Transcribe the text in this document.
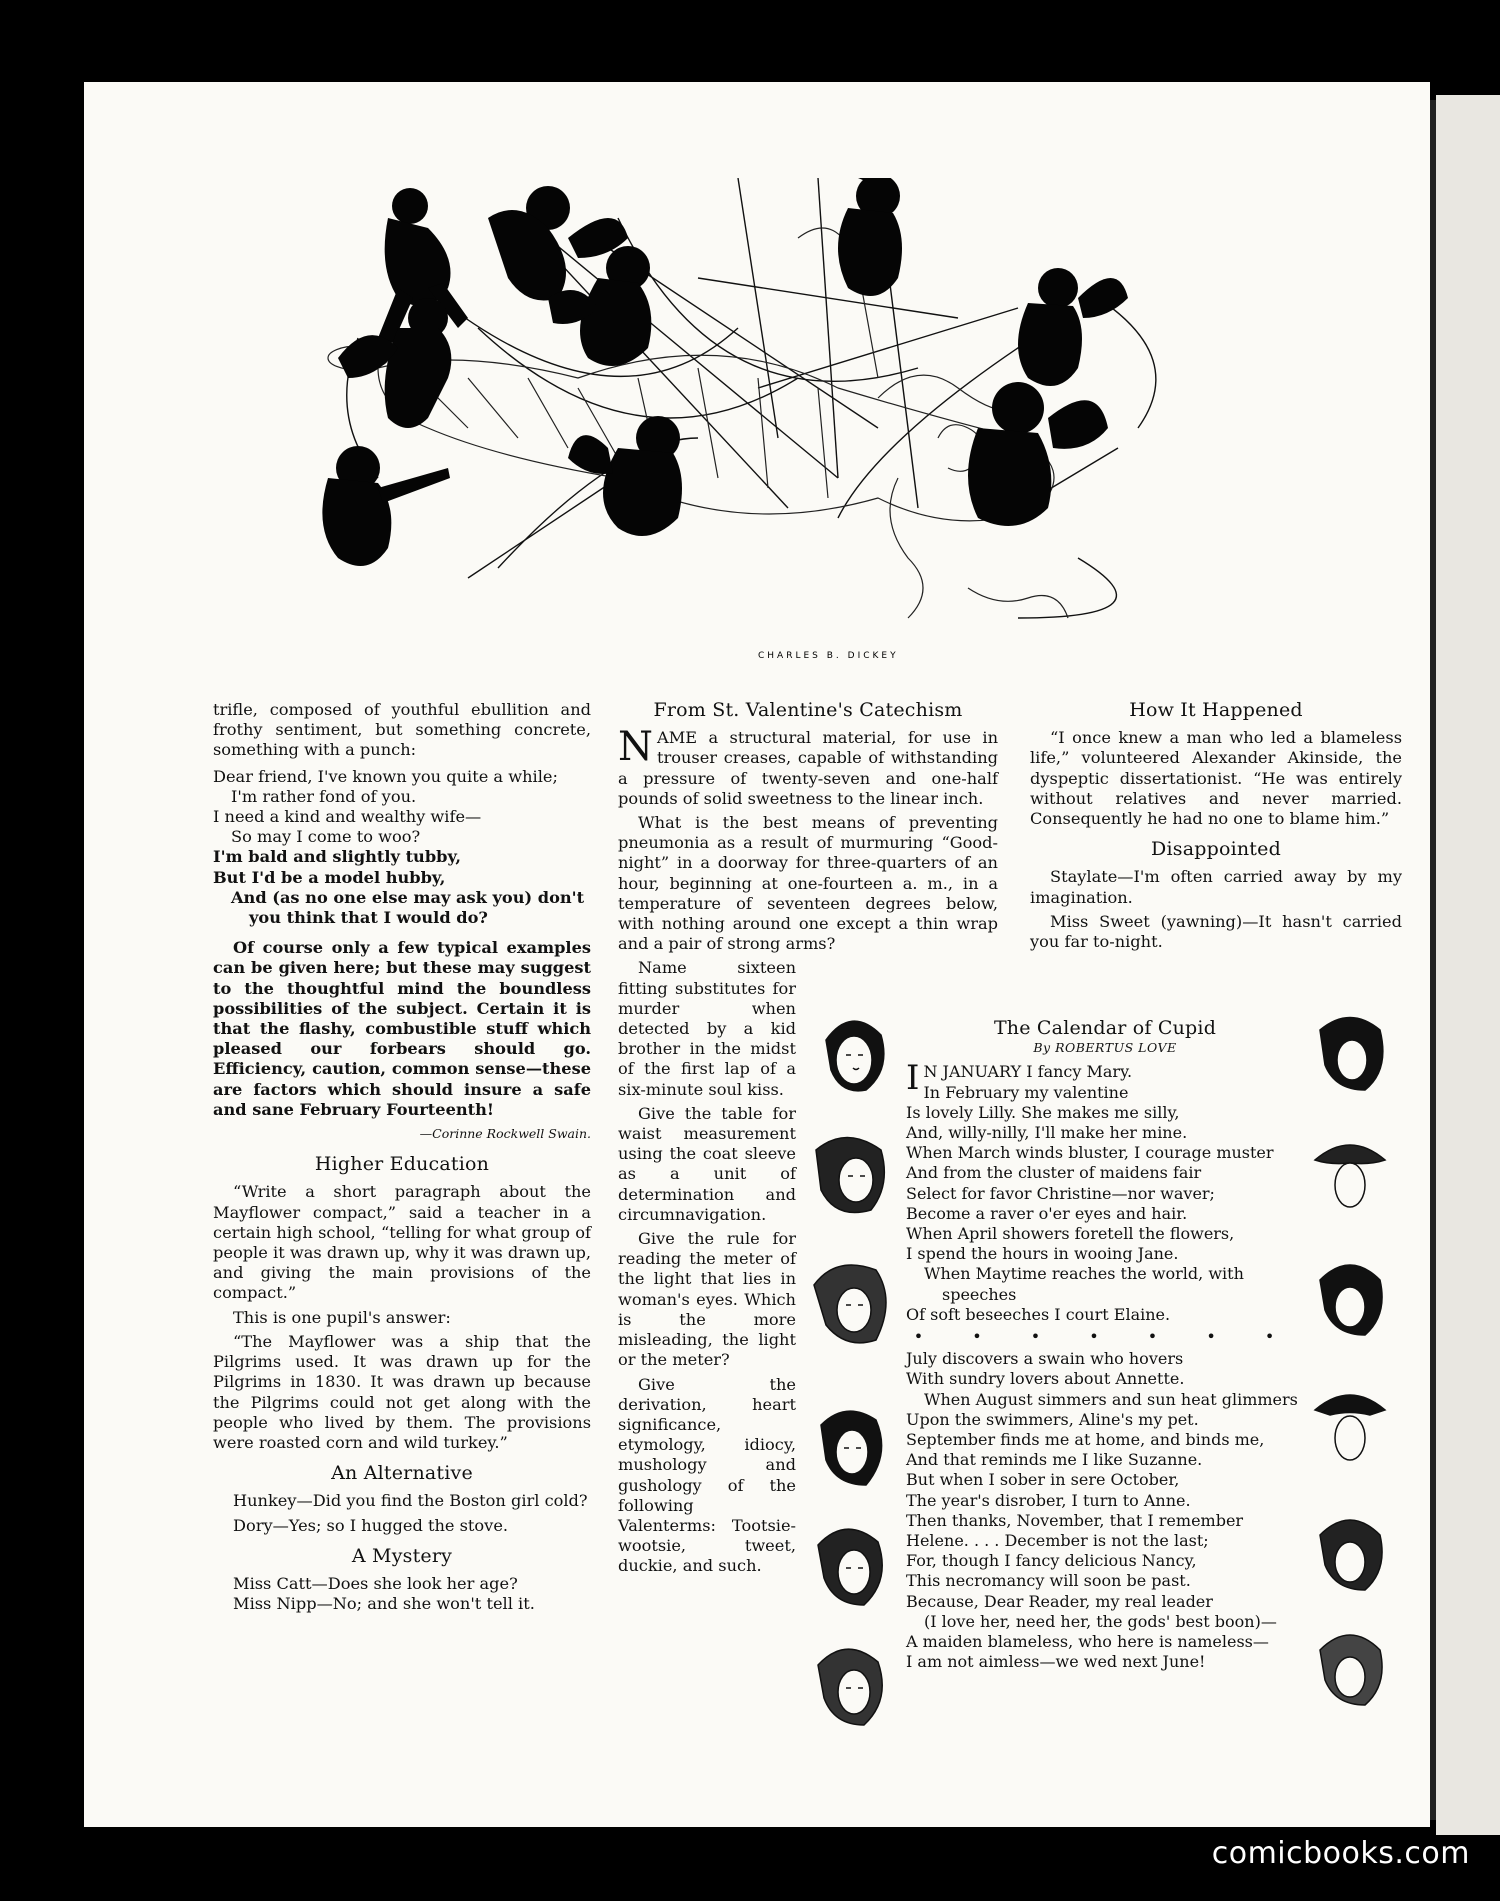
CHARLES B. DICKEY

trifle, composed of youthful ebullition and frothy sentiment, but something concrete, something with a punch:

Dear friend, I've known you quite a while;
I'm rather fond of you.
I need a kind and wealthy wife—
So may I come to woo?
I'm bald and slightly tubby,
But I'd be a model hubby,
And (as no one else may ask you) don't you think that I would do?

Of course only a few typical examples can be given here; but these may suggest to the thoughtful mind the boundless possibilities of the subject. Certain it is that the flashy, combustible stuff which pleased our forbears should go. Efficiency, caution, common sense—these are factors which should insure a safe and sane February Fourteenth!

—Corinne Rockwell Swain.
Higher Education

“Write a short paragraph about the Mayflower compact,” said a teacher in a certain high school, “telling for what group of people it was drawn up, why it was drawn up, and giving the main provisions of the compact.”

This is one pupil's answer:

“The Mayflower was a ship that the Pilgrims used. It was drawn up for the Pilgrims in 1830. It was drawn up because the Pilgrims could not get along with the people who lived by them. The provisions were roasted corn and wild turkey.”

An Alternative

Hunkey—Did you find the Boston girl cold?

Dory—Yes; so I hugged the stove.

A Mystery

Miss Catt—Does she look her age?

Miss Nipp—No; and she won't tell it.

From St. Valentine's Catechism

NAME a structural material, for use in trouser creases, capable of withstanding a pressure of twenty-seven and one-half pounds of solid sweetness to the linear inch.

What is the best means of preventing pneumonia as a result of murmuring “Good-night” in a doorway for three-quarters of an hour, beginning at one-fourteen a. m., in a temperature of seventeen degrees below, with nothing around one except a thin wrap and a pair of strong arms?

Name sixteen fitting substitutes for murder when detected by a kid brother in the midst of the first lap of a six-minute soul kiss.

Give the table for waist measurement using the coat sleeve as a unit of determination and circumnavigation.

Give the rule for reading the meter of the light that lies in woman's eyes. Which is the more misleading, the light or the meter?

Give the derivation, heart significance, etymology, idiocy, mushology and gushology of the following Valenterms: Tootsie-wootsie, tweet, duckie, and such.

How It Happened

“I once knew a man who led a blameless life,” volunteered Alexander Akinside, the dyspeptic dissertationist. “He was entirely without relatives and never married. Consequently he had no one to blame him.”

Disappointed

Staylate—I'm often carried away by my imagination.

Miss Sweet (yawning)—It hasn't carried you far to-night.

The Calendar of Cupid
By ROBERTUS LOVE
I N JANUARY I fancy Mary.
In February my valentine
Is lovely Lilly. She makes me silly,
And, willy-nilly, I'll make her mine.
When March winds bluster, I courage muster
And from the cluster of maidens fair
Select for favor Christine—nor waver;
Become a raver o'er eyes and hair.
When April showers foretell the flowers,
I spend the hours in wooing Jane.
When Maytime reaches the world, with speeches
Of soft beseeches I court Elaine.
• • • • • • •
July discovers a swain who hovers
With sundry lovers about Annette.
When August simmers and sun heat glimmers
Upon the swimmers, Aline's my pet.
September finds me at home, and binds me,
And that reminds me I like Suzanne.
But when I sober in sere October,
The year's disrober, I turn to Anne.
Then thanks, November, that I remember
Helene. . . . December is not the last;
For, though I fancy delicious Nancy,
This necromancy will soon be past.
Because, Dear Reader, my real leader
(I love her, need her, the gods' best boon)—
A maiden blameless, who here is nameless—
I am not aimless—we wed next June!
comicbooks.com
